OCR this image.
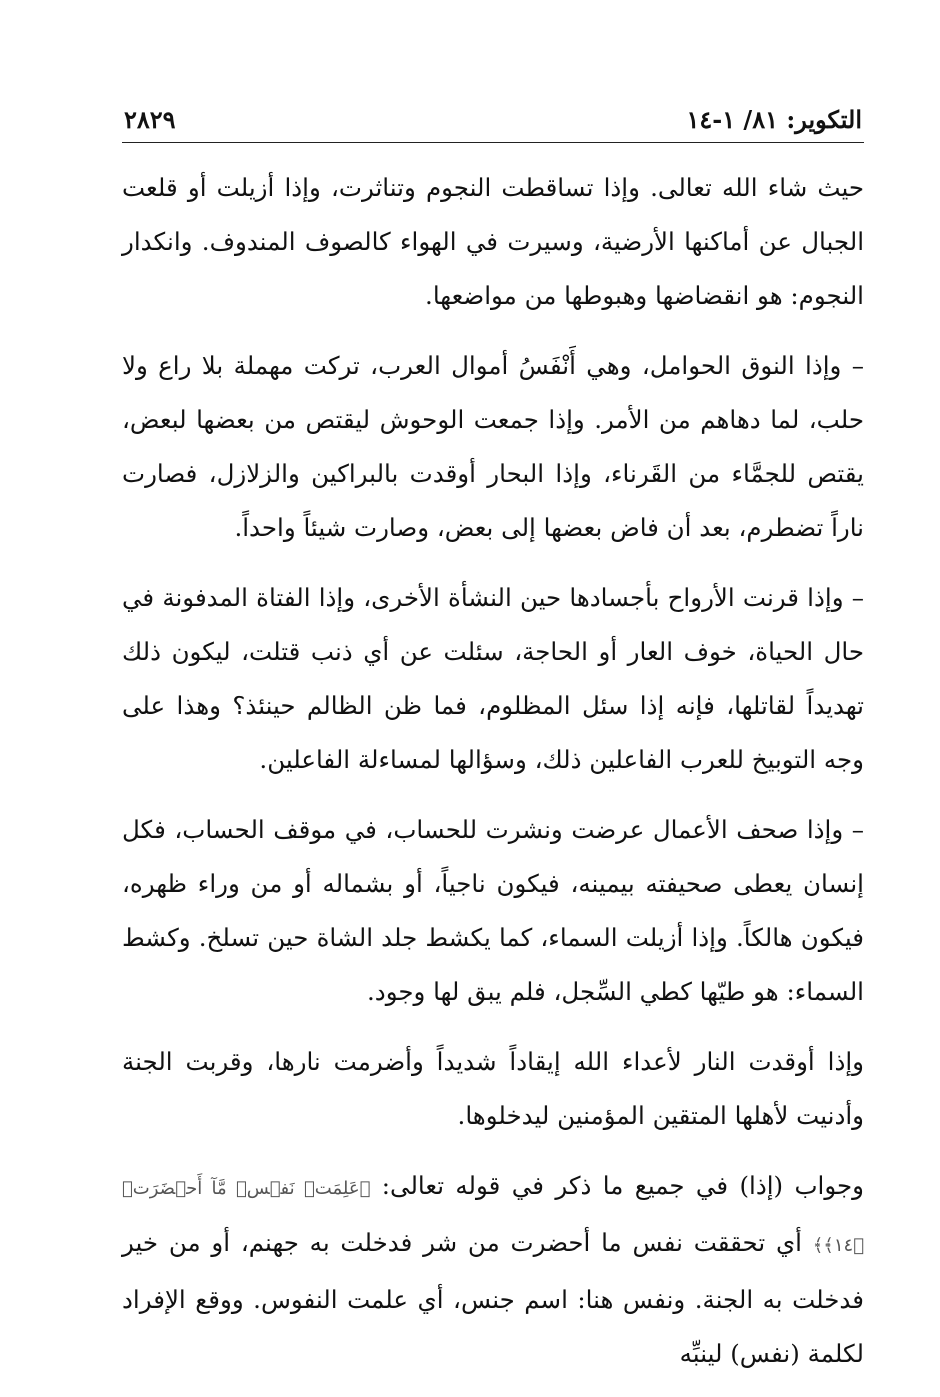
التكوير: ٨١/ ١-١٤
٢٨٢٩

حيث شاء الله تعالى. وإذا تساقطت النجوم وتناثرت، وإذا أزيلت أو قلعت الجبال عن أماكنها الأرضية، وسيرت في الهواء كالصوف المندوف. وانكدار النجوم: هو انقضاضها وهبوطها من مواضعها.

– وإذا النوق الحوامل، وهي أَنْفَسُ أموال العرب، تركت مهملة بلا راع ولا حلب، لما دهاهم من الأمر. وإذا جمعت الوحوش ليقتص من بعضها لبعض، يقتص للجمَّاء من القَرناء، وإذا البحار أوقدت بالبراكين والزلازل، فصارت ناراً تضطرم، بعد أن فاض بعضها إلى بعض، وصارت شيئاً واحداً.

– وإذا قرنت الأرواح بأجسادها حين النشأة الأخرى، وإذا الفتاة المدفونة في حال الحياة، خوف العار أو الحاجة، سئلت عن أي ذنب قتلت، ليكون ذلك تهديداً لقاتلها، فإنه إذا سئل المظلوم، فما ظن الظالم حينئذ؟ وهذا على وجه التوبيخ للعرب الفاعلين ذلك، وسؤالها لمساءلة الفاعلين.

– وإذا صحف الأعمال عرضت ونشرت للحساب، في موقف الحساب، فكل إنسان يعطى صحيفته بيمينه، فيكون ناجياً، أو بشماله أو من وراء ظهره، فيكون هالكاً. وإذا أزيلت السماء، كما يكشط جلد الشاة حين تسلخ. وكشط السماء: هو طيّها كطي السِّجل، فلم يبق لها وجود.

وإذا أوقدت النار لأعداء الله إيقاداً شديداً وأضرمت نارها، وقربت الجنة وأدنيت لأهلها المتقين المؤمنين ليدخلوها.

وجواب (إذا) في جميع ما ذكر في قوله تعالى: ﴿عَلِمَتۡ نَفۡسٞ مَّآ أَحۡضَرَتۡ ﴿١٤﴾﴾ أي تحققت نفس ما أحضرت من شر فدخلت به جهنم، أو من خير فدخلت به الجنة. ونفس هنا: اسم جنس، أي علمت النفوس. ووقع الإفراد لكلمة (نفس) لينبِّه
